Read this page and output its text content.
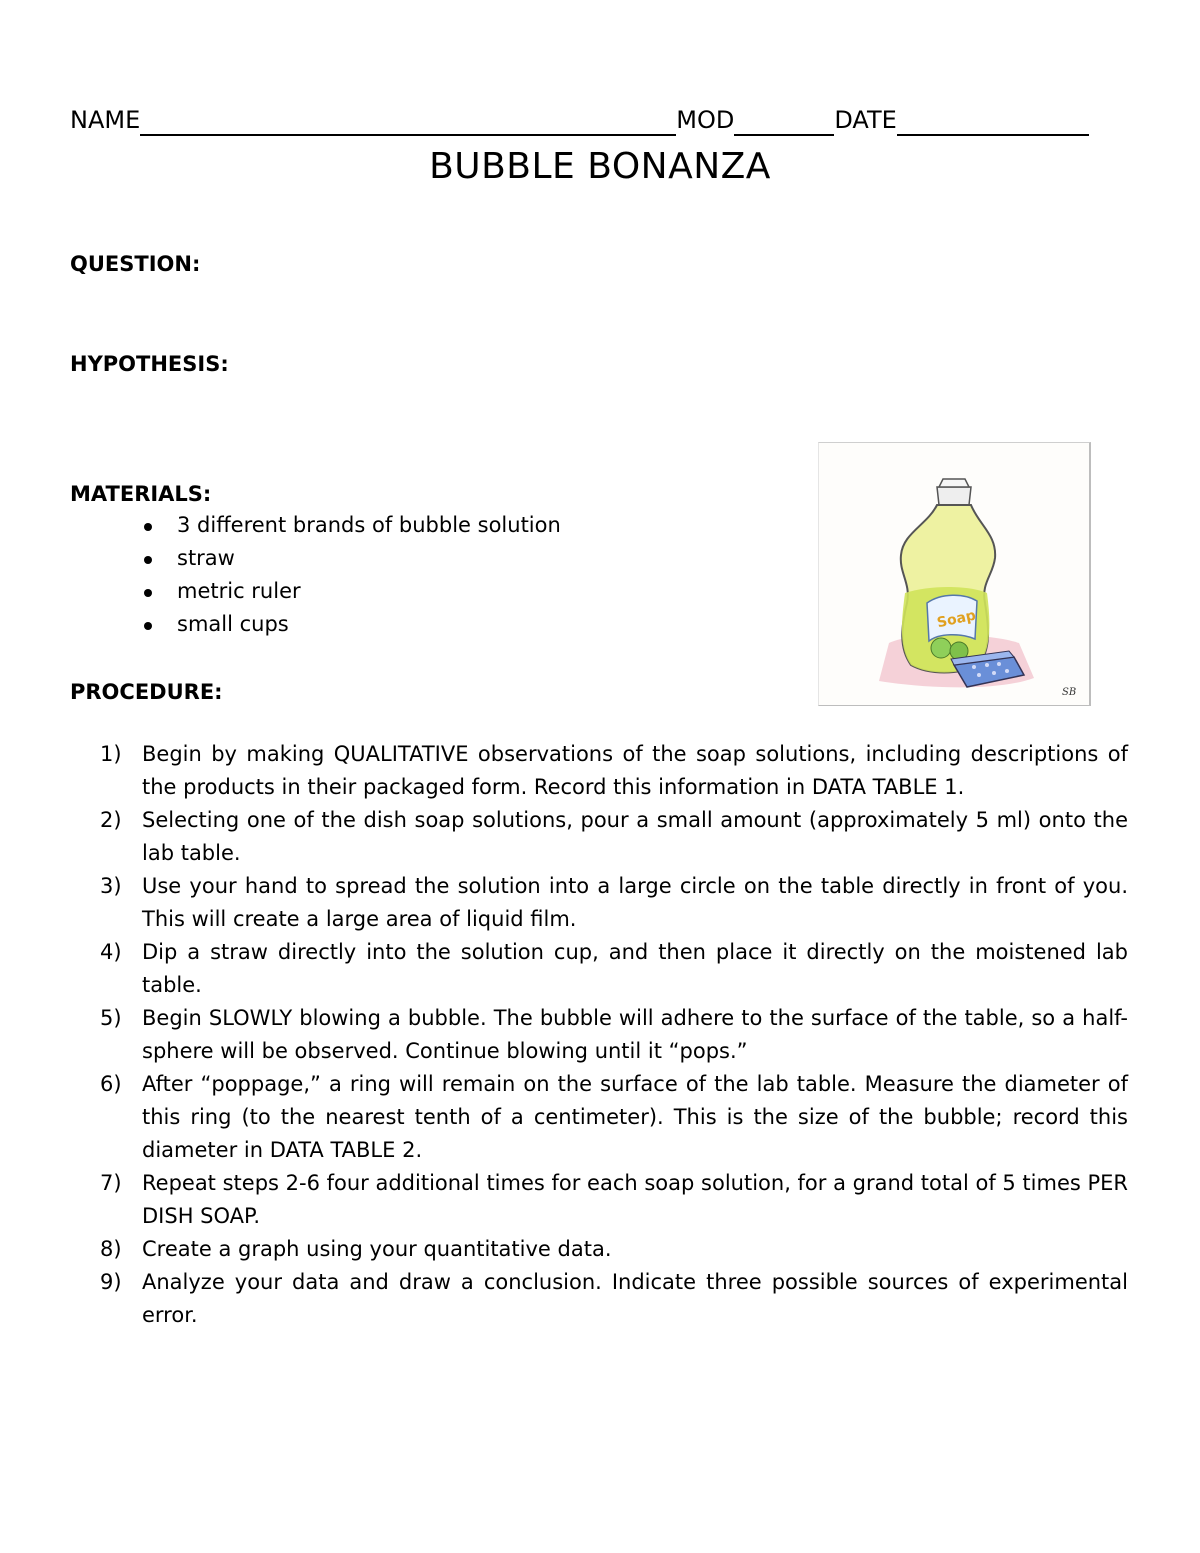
NAME	MOD	DATE
BUBBLE BONANZA
QUESTION:
HYPOTHESIS:
MATERIALS:
3 different brands of bubble solution
straw
metric ruler
small cups
PROCEDURE:
1) Begin by making QUALITATIVE observations of the soap solutions, including descriptions of the products in their packaged form. Record this information in DATA TABLE 1.
2) Selecting one of the dish soap solutions, pour a small amount (approximately 5 ml) onto the lab table.
3) Use your hand to spread the solution into a large circle on the table directly in front of you. This will create a large area of liquid film.
4) Dip a straw directly into the solution cup, and then place it directly on the moistened lab table.
5) Begin SLOWLY blowing a bubble. The bubble will adhere to the surface of the table, so a half-sphere will be observed. Continue blowing until it “pops.”
6) After “poppage,” a ring will remain on the surface of the lab table. Measure the diameter of this ring (to the nearest tenth of a centimeter). This is the size of the bubble; record this diameter in DATA TABLE 2.
7) Repeat steps 2-6 four additional times for each soap solution, for a grand total of 5 times PER DISH SOAP.
8) Create a graph using your quantitative data.
9) Analyze your data and draw a conclusion. Indicate three possible sources of experimental error.
Soap
SB
